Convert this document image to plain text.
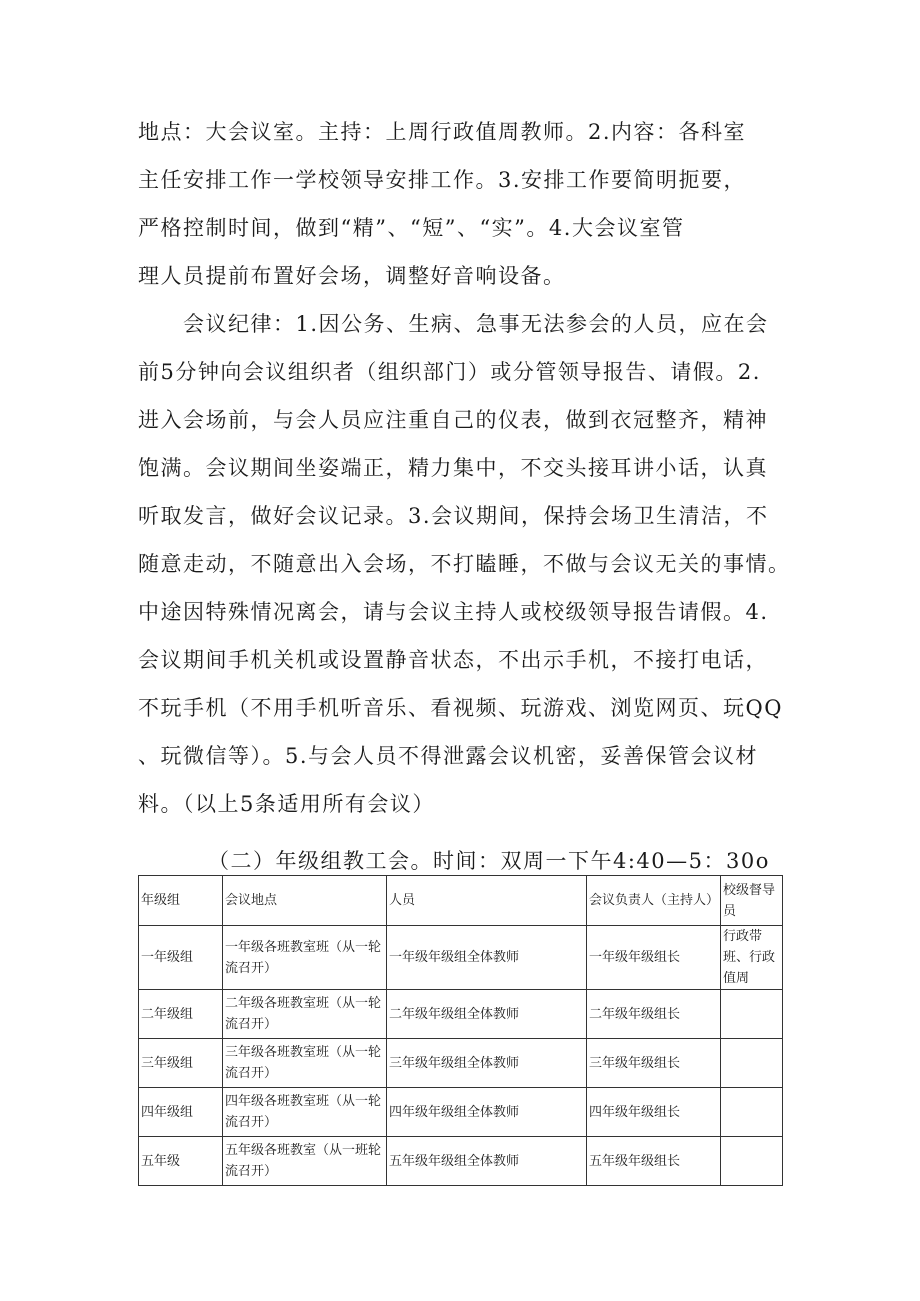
地点：大会议室。主持：上周行政值周教师。2.内容：各科室
主任安排工作一学校领导安排工作。3.安排工作要简明扼要，
严格控制时间，做到“精”、“短”、“实”。4.大会议室管
理人员提前布置好会场，调整好音响设备。
　　会议纪律：1.因公务、生病、急事无法参会的人员，应在会
前5分钟向会议组织者（组织部门）或分管领导报告、请假。2.
进入会场前，与会人员应注重自己的仪表，做到衣冠整齐，精神
饱满。会议期间坐姿端正，精力集中，不交头接耳讲小话，认真
听取发言，做好会议记录。3.会议期间，保持会场卫生清洁，不
随意走动，不随意出入会场，不打瞌睡，不做与会议无关的事情。
中途因特殊情况离会，请与会议主持人或校级领导报告请假。4.
会议期间手机关机或设置静音状态，不出示手机，不接打电话，
不玩手机（不用手机听音乐、看视频、玩游戏、浏览网页、玩QQ
、玩微信等）。5.与会人员不得泄露会议机密，妥善保管会议材
料。（以上5条适用所有会议）

（二）年级组教工会。时间：双周一下午4:40—5：30o

年级组	会议地点	人员	会议负责人（主持人）	校级督导员
一年级组	一年级各班教室班（从一轮流召开）	一年级年级组全体教师	一年级年级组长	行政带班、行政值周
二年级组	二年级各班教室班（从一轮流召开）	二年级年级组全体教师	二年级年级组长	
三年级组	三年级各班教室班（从一轮流召开）	三年级年级组全体教师	三年级年级组长	
四年级组	四年级各班教室班（从一轮流召开）	四年级年级组全体教师	四年级年级组长	
五年级	五年级各班教室（从一班轮流召开）	五年级年级组全体教师	五年级年级组长	
